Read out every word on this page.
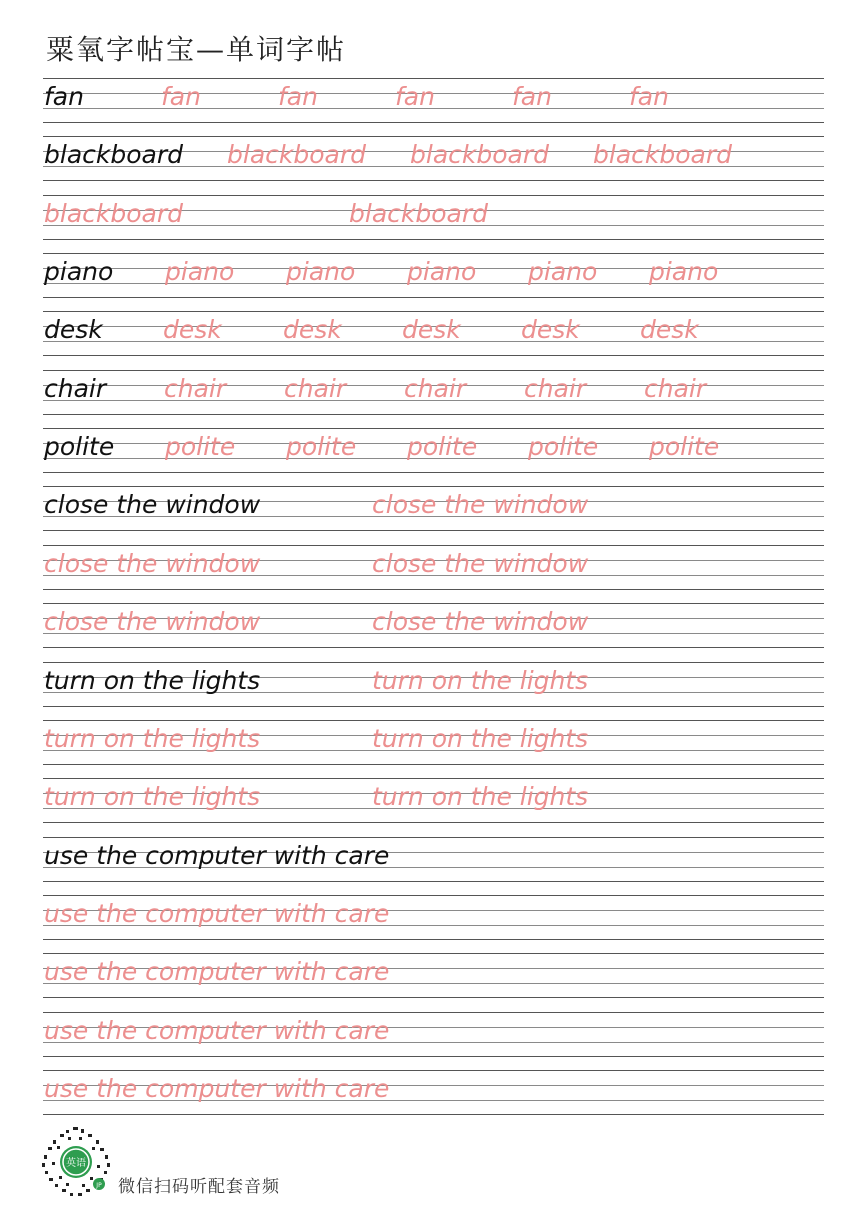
粟氧字帖宝—单词字帖
fan	fan	fan	fan	fan	fan
blackboard blackboard blackboard blackboard
blackboard	blackboard
piano piano piano piano piano piano
desk desk desk desk desk desk
chair chair chair chair chair chair
polite polite polite polite polite polite
close the window	close the window
close the window	close the window
close the window	close the window
turn on the lights	turn on the lights
turn on the lights	turn on the lights
turn on the lights	turn on the lights
use the computer with care
use the computer with care
use the computer with care
use the computer with care
use the computer with care
英语
JP 微信扫码听配套音频
